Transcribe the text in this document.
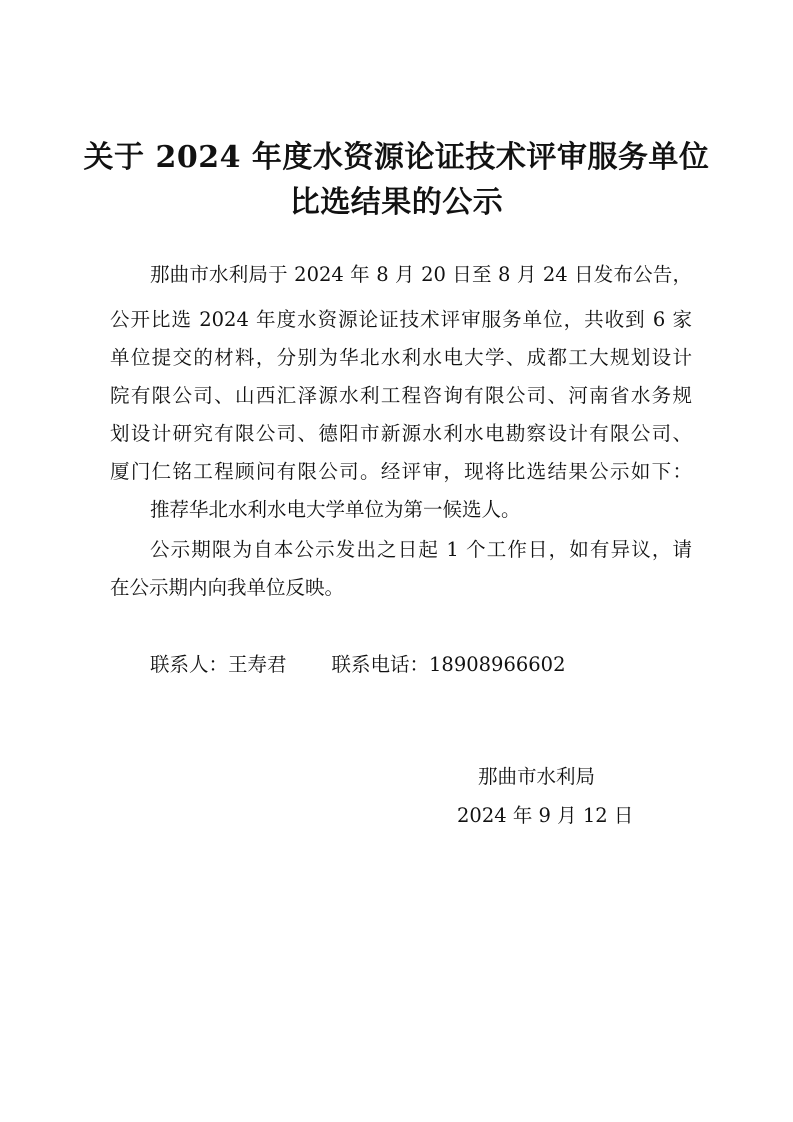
关于 2024 年度水资源论证技术评审服务单位
比选结果的公示
那曲市水利局于 2024 年 8 月 20 日至 8 月 24 日发布公告，
公开比选 2024 年度水资源论证技术评审服务单位，共收到 6 家
单位提交的材料，分别为华北水利水电大学、成都工大规划设计
院有限公司、山西汇泽源水利工程咨询有限公司、河南省水务规
划设计研究有限公司、德阳市新源水利水电勘察设计有限公司、
厦门仁铭工程顾问有限公司。经评审，现将比选结果公示如下：
推荐华北水利水电大学单位为第一候选人。
公示期限为自本公示发出之日起 1 个工作日，如有异议，请
在公示期内向我单位反映。
联系人：王寿君 联系电话：18908966602
那曲市水利局
2024 年 9 月 12 日
